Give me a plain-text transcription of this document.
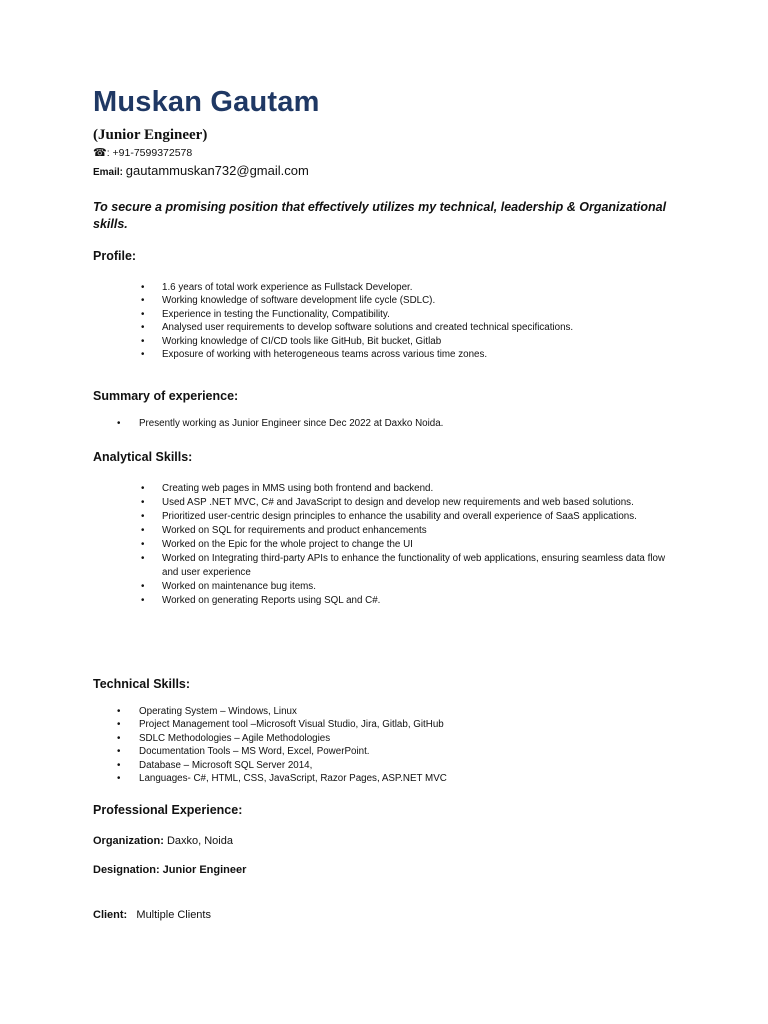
Muskan Gautam

(Junior Engineer)

☎: +91-7599372578
Email: gautammuskan732@gmail.com

To secure a promising position that effectively utilizes my technical, leadership & Organizational skills.

Profile:
• 1.6 years of total work experience as Fullstack Developer.
• Working knowledge of software development life cycle (SDLC).
• Experience in testing the Functionality, Compatibility.
• Analysed user requirements to develop software solutions and created technical specifications.
• Working knowledge of CI/CD tools like GitHub, Bit bucket, Gitlab
• Exposure of working with heterogeneous teams across various time zones.
Summary of experience:
• Presently working as Junior Engineer since Dec 2022 at Daxko Noida.
Analytical Skills:
• Creating web pages in MMS using both frontend and backend.
• Used ASP .NET MVC, C# and JavaScript to design and develop new requirements and web based solutions.
• Prioritized user-centric design principles to enhance the usability and overall experience of SaaS applications.
• Worked on SQL for requirements and product enhancements
• Worked on the Epic for the whole project to change the UI
• Worked on Integrating third-party APIs to enhance the functionality of web applications, ensuring seamless data flow and user experience
• Worked on maintenance bug items.
• Worked on generating Reports using SQL and C#.
Technical Skills:
• Operating System – Windows, Linux
• Project Management tool –Microsoft Visual Studio, Jira, Gitlab, GitHub
• SDLC Methodologies – Agile Methodologies
• Documentation Tools – MS Word, Excel, PowerPoint.
• Database – Microsoft SQL Server 2014,
• Languages- C#, HTML, CSS, JavaScript, Razor Pages, ASP.NET MVC
Professional Experience:

Organization: Daxko, Noida

Designation: Junior Engineer

Client:   Multiple Clients
